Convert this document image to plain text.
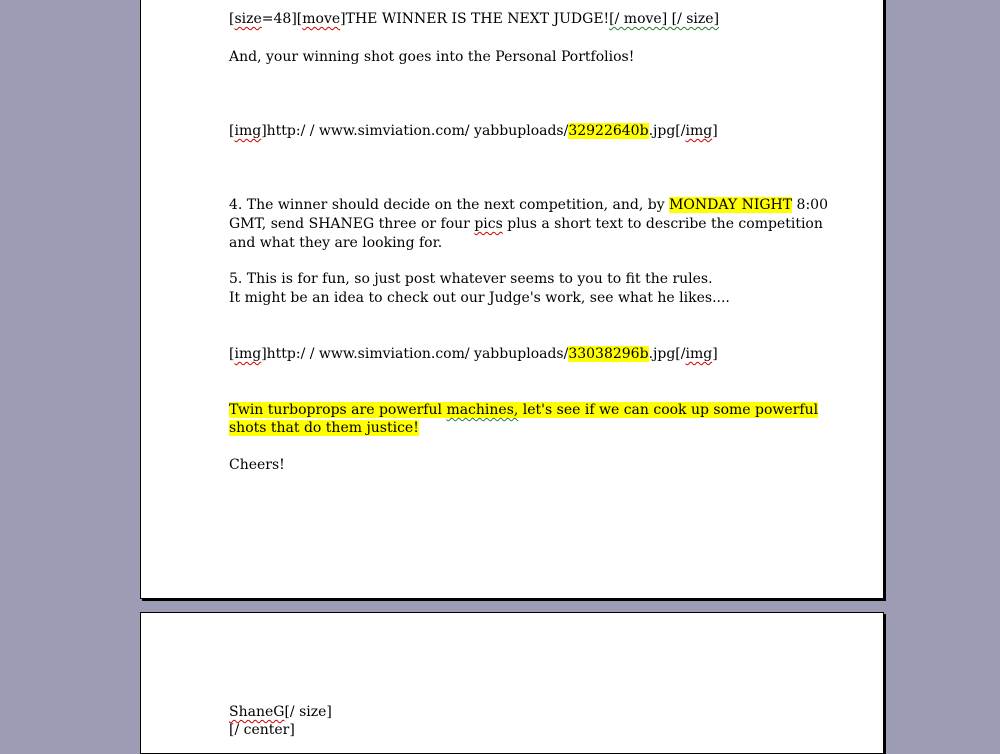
[size=48][move]THE WINNER IS THE NEXT JUDGE![/ move] [/ size]
And, your winning shot goes into the Personal Portfolios!
[img]http:/ / www.simviation.com/ yabbuploads/32922640b.jpg[/img]
4. The winner should decide on the next competition, and, by MONDAY NIGHT 8:00
GMT, send SHANEG three or four pics plus a short text to describe the competition
and what they are looking for.
5. This is for fun, so just post whatever seems to you to fit the rules.
It might be an idea to check out our Judge's work, see what he likes....
[img]http:/ / www.simviation.com/ yabbuploads/33038296b.jpg[/img]
Twin turboprops are powerful machines, let's see if we can cook up some powerful
shots that do them justice!
Cheers!
ShaneG[/ size]
[/ center]
